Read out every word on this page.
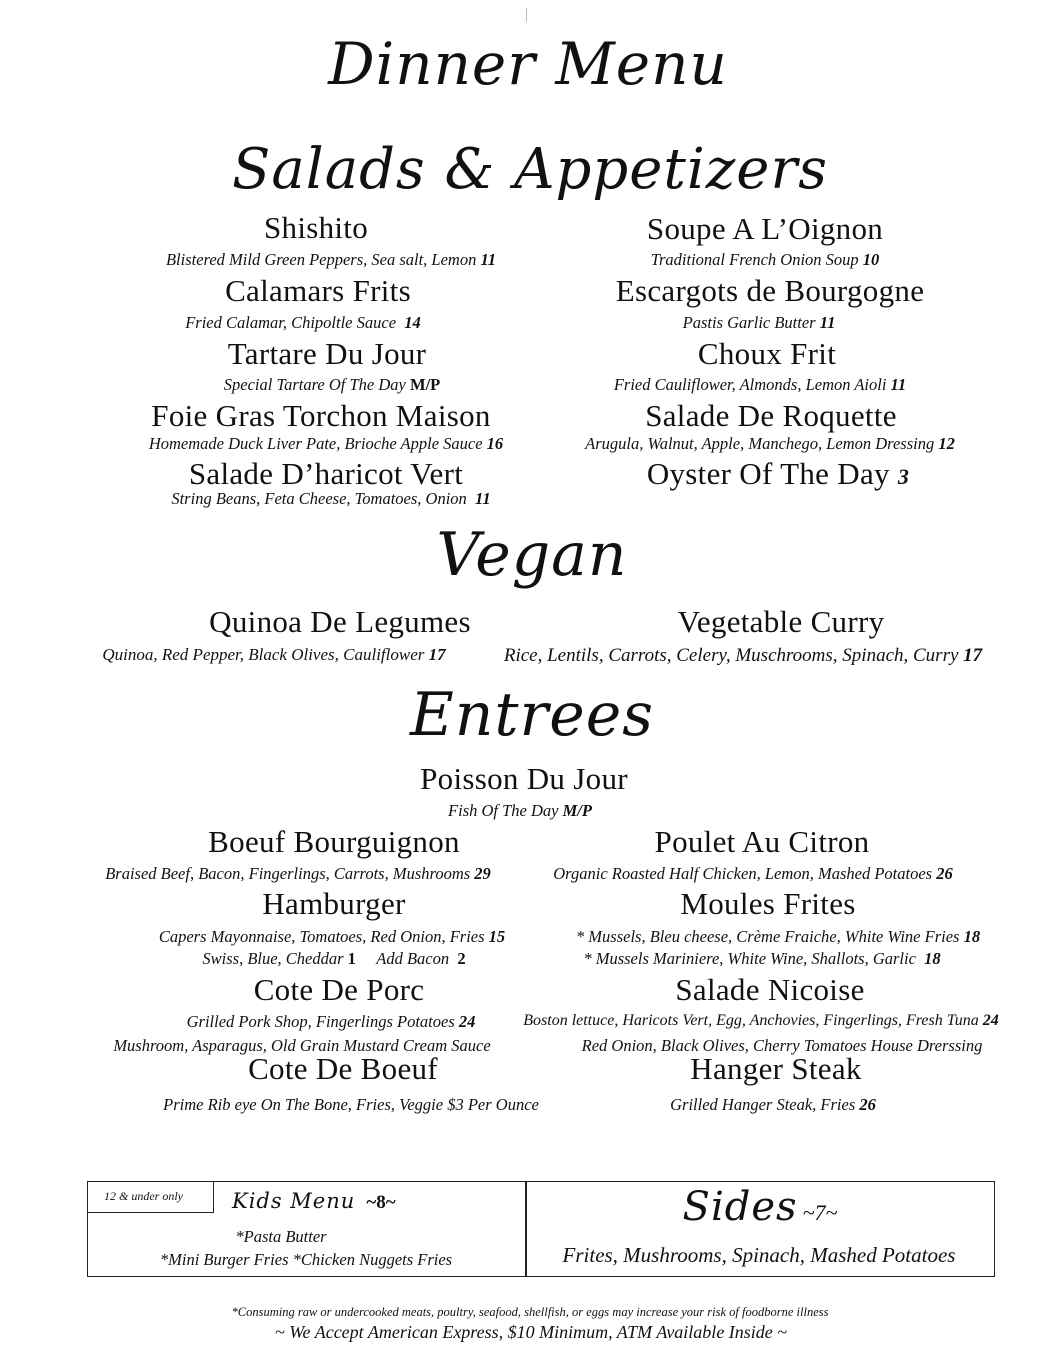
Dinner Menu
Salads & Appetizers
Shishito
Blistered Mild Green Peppers, Sea salt, Lemon 11
Calamars Frits
Fried Calamar, Chipoltle Sauce 14
Tartare Du Jour
Special Tartare Of The Day M/P
Foie Gras Torchon Maison
Homemade Duck Liver Pate, Brioche Apple Sauce 16
Salade D’haricot Vert
String Beans, Feta Cheese, Tomatoes, Onion 11
Soupe A L’Oignon
Traditional French Onion Soup 10
Escargots de Bourgogne
Pastis Garlic Butter 11
Choux Frit
Fried Cauliflower, Almonds, Lemon Aioli 11
Salade De Roquette
Arugula, Walnut, Apple, Manchego, Lemon Dressing 12
Oyster Of The Day 3
Vegan
Quinoa De Legumes
Quinoa, Red Pepper, Black Olives, Cauliflower 17
Vegetable Curry
Rice, Lentils, Carrots, Celery, Muschrooms, Spinach, Curry 17
Entrees
Poisson Du Jour
Fish Of The Day M/P
Boeuf Bourguignon
Braised Beef, Bacon, Fingerlings, Carrots, Mushrooms 29
Hamburger
Capers Mayonnaise, Tomatoes, Red Onion, Fries 15
Swiss, Blue, Cheddar 1 Add Bacon 2
Cote De Porc
Grilled Pork Shop, Fingerlings Potatoes 24
Mushroom, Asparagus, Old Grain Mustard Cream Sauce
Cote De Boeuf
Prime Rib eye On The Bone, Fries, Veggie $3 Per Ounce
Poulet Au Citron
Organic Roasted Half Chicken, Lemon, Mashed Potatoes 26
Moules Frites
* Mussels, Bleu cheese, Crème Fraiche, White Wine Fries 18
* Mussels Mariniere, White Wine, Shallots, Garlic 18
Salade Nicoise
Boston lettuce, Haricots Vert, Egg, Anchovies, Fingerlings, Fresh Tuna 24
Red Onion, Black Olives, Cherry Tomatoes House Drerssing
Hanger Steak
Grilled Hanger Steak, Fries 26
12 & under only Kids Menu ~8~
*Pasta Butter
*Mini Burger Fries *Chicken Nuggets Fries
Sides ~7~
Frites, Mushrooms, Spinach, Mashed Potatoes
*Consuming raw or undercooked meats, poultry, seafood, shellfish, or eggs may increase your risk of foodborne illness
~ We Accept American Express, $10 Minimum, ATM Available Inside ~
